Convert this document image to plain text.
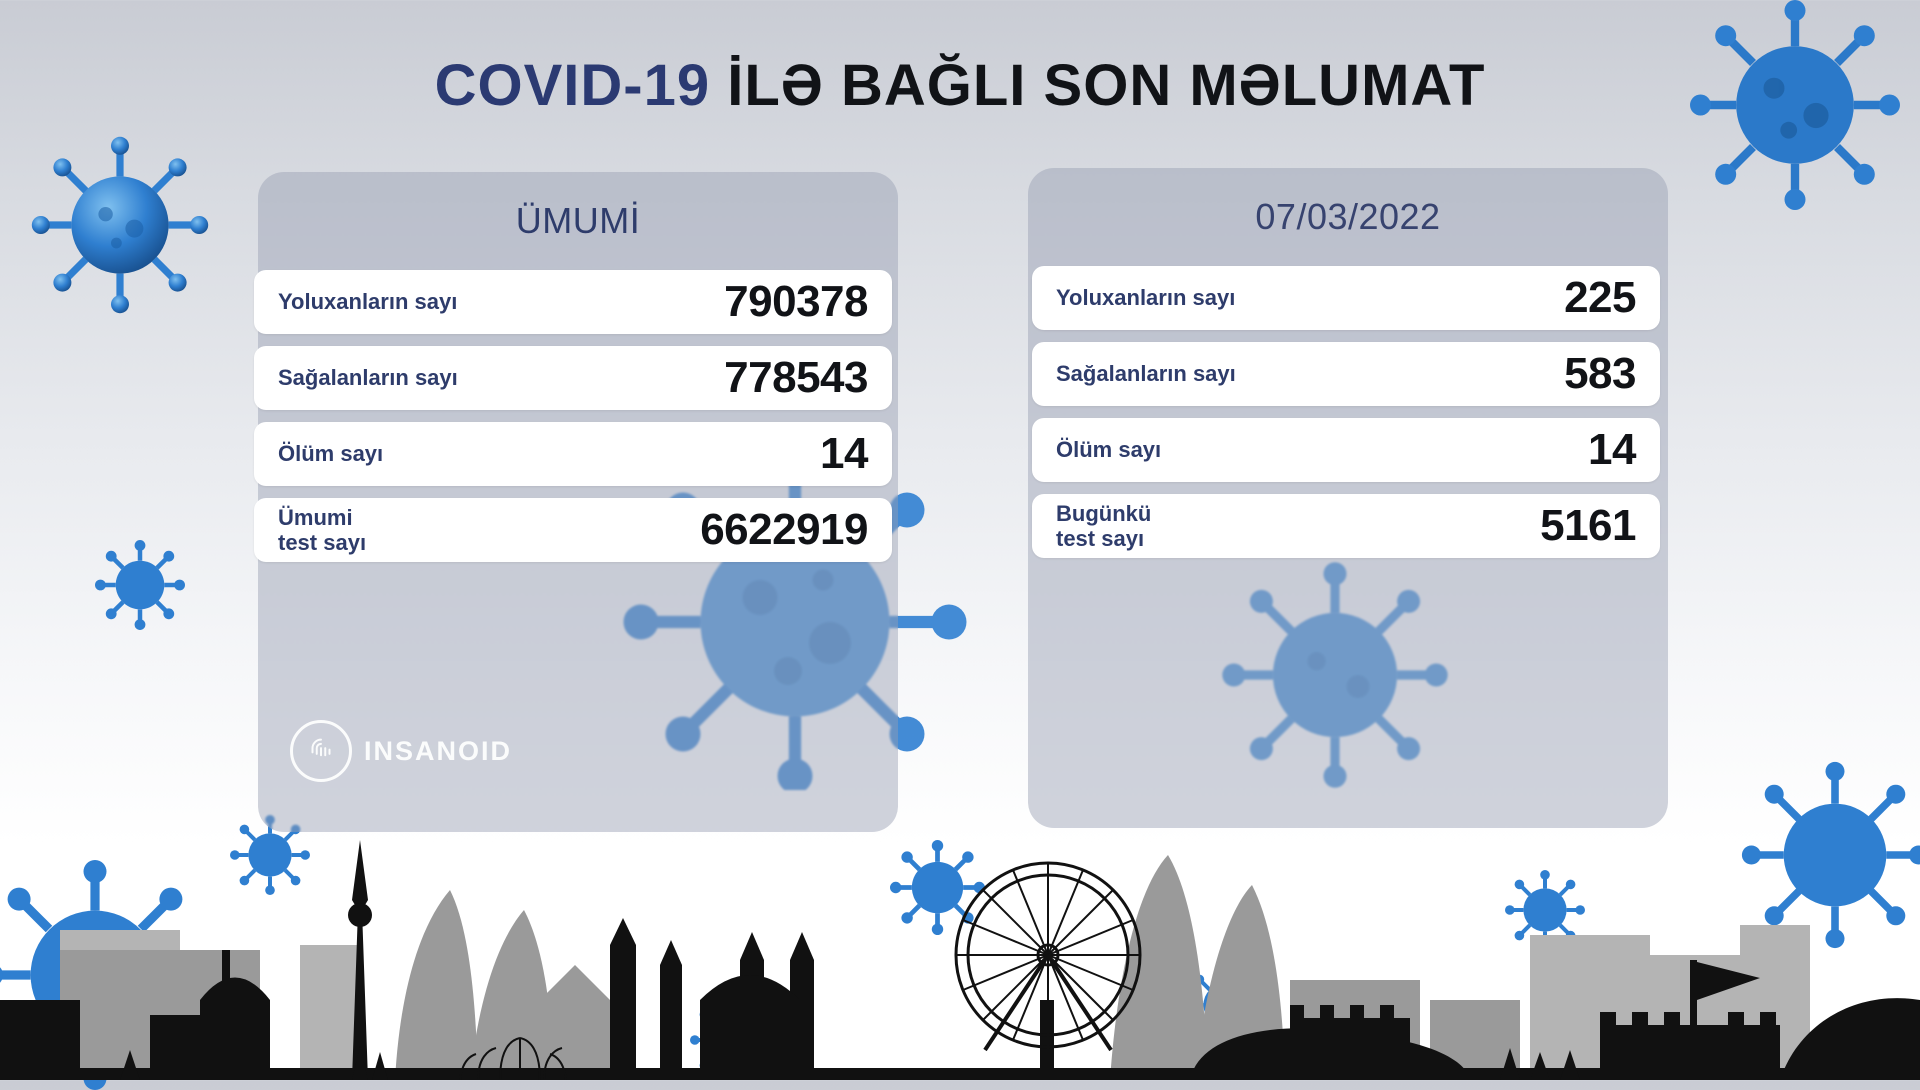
COVID-19 İLƏ BAĞLI SON MƏLUMAT
ÜMUMİ
Yoluxanların sayı	790378
Sağalanların sayı	778543
Ölüm sayı	14
Ümumi
test sayı	6622919
07/03/2022
Yoluxanların sayı	225
Sağalanların sayı	583
Ölüm sayı	14
Bugünkü
test sayı	5161
INSANOID
